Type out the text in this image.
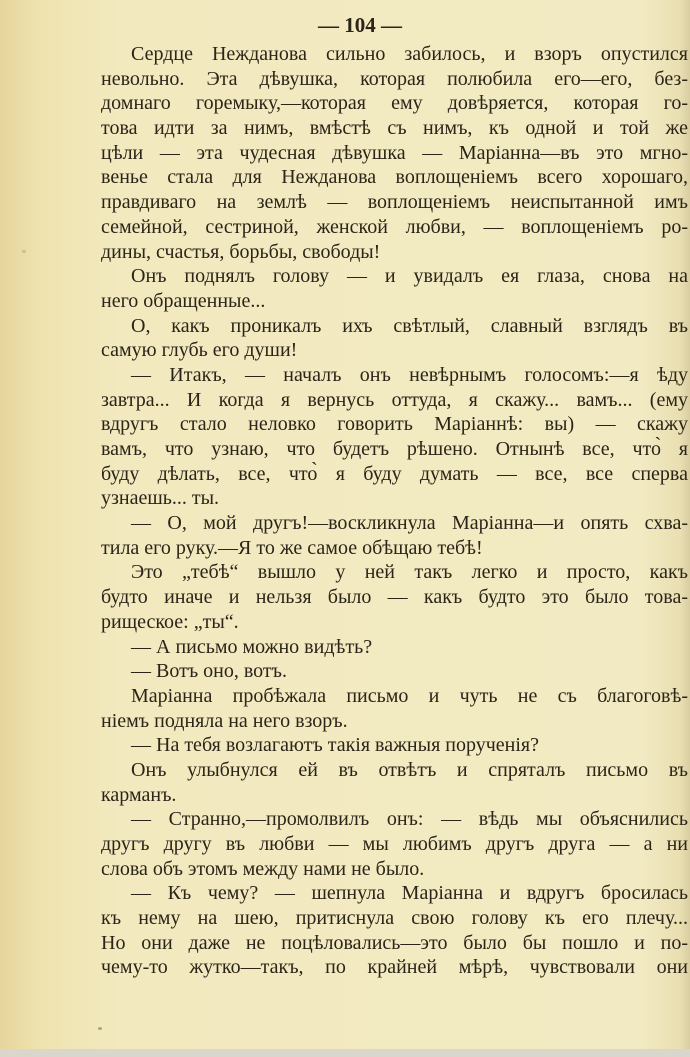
— 104 —
Сердце Нежданова сильно забилось, и взоръ опустился
невольно. Эта дѣвушка, которая полюбила его—его, без-
домнаго горемыку,—которая ему довѣряется, которая го-
това идти за нимъ, вмѣстѣ съ нимъ, къ одной и той же
цѣли — эта чудесная дѣвушка — Маріанна—въ это мгно-
венье стала для Нежданова воплощеніемъ всего хорошаго,
правдиваго на землѣ — воплощеніемъ неиспытанной имъ
семейной, сестриной, женской любви, — воплощеніемъ ро-
дины, счастья, борьбы, свободы!
Онъ поднялъ голову — и увидалъ ея глаза, снова на
него обращенные...
О, какъ проникалъ ихъ свѣтлый, славный взглядъ въ
самую глубь его души!
— Итакъ, — началъ онъ невѣрнымъ голосомъ:—я ѣду
завтра... И когда я вернусь оттуда, я скажу... вамъ... (ему
вдругъ стало неловко говорить Маріаннѣ: вы) — скажу
вамъ, что узнаю, что будетъ рѣшено. Отнынѣ все, что̀ я
буду дѣлать, все, что̀ я буду думать — все, все сперва
узнаешь... ты.
— О, мой другъ!—воскликнула Маріанна—и опять схва-
тила его руку.—Я то же самое обѣщаю тебѣ!
Это „тебѣ“ вышло у ней такъ легко и просто, какъ
будто иначе и нельзя было — какъ будто это было това-
рищеское: „ты“.
— А письмо можно видѣть?
— Вотъ оно, вотъ.
Маріанна пробѣжала письмо и чуть не съ благоговѣ-
ніемъ подняла на него взоръ.
— На тебя возлагаютъ такія важныя порученія?
Онъ улыбнулся ей въ отвѣтъ и спряталъ письмо въ
карманъ.
— Странно,—промолвилъ онъ: — вѣдь мы объяснились
другъ другу въ любви — мы любимъ другъ друга — а ни
слова объ этомъ между нами не было.
— Къ чему? — шепнула Маріанна и вдругъ бросилась
къ нему на шею, притиснула свою голову къ его плечу...
Но они даже не поцѣловались—это было бы пошло и по-
чему-то жутко—такъ, по крайней мѣрѣ, чувствовали они
